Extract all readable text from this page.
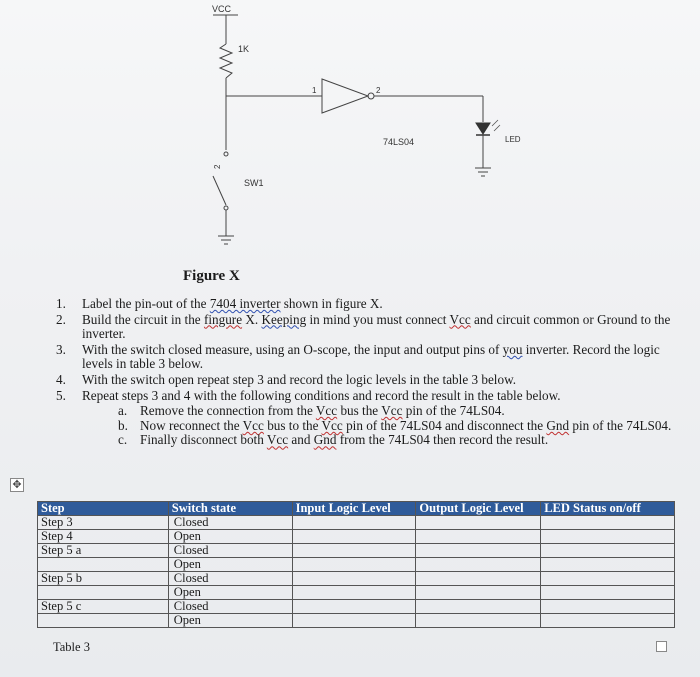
VCC
1K
1	2
74LS04	LED
2
SW1
Figure X
1. Label the pin-out of the 7404 inverter shown in figure X.
2. Build the circuit in the fingure X. Keeping in mind you must connect Vcc and circuit common or Ground to the inverter.
3. With the switch closed measure, using an O-scope, the input and output pins of you inverter. Record the logic levels in table 3 below.
4. With the switch open repeat step 3 and record the logic levels in the table 3 below.
5. Repeat steps 3 and 4 with the following conditions and record the result in the table below.
a. Remove the connection from the Vcc bus the Vcc pin of the 74LS04.
b. Now reconnect the Vcc bus to the Vcc pin of the 74LS04 and disconnect the Gnd pin of the 74LS04.
c. Finally disconnect both Vcc and Gnd from the 74LS04 then record the result.
✥
Step	Switch state	Input Logic Level	Output Logic Level	LED Status on/off
Step 3	Closed			
Step 4	Open			
Step 5 a	Closed			
	Open			
Step 5 b	Closed			
	Open			
Step 5 c	Closed			
	Open			
Table 3
